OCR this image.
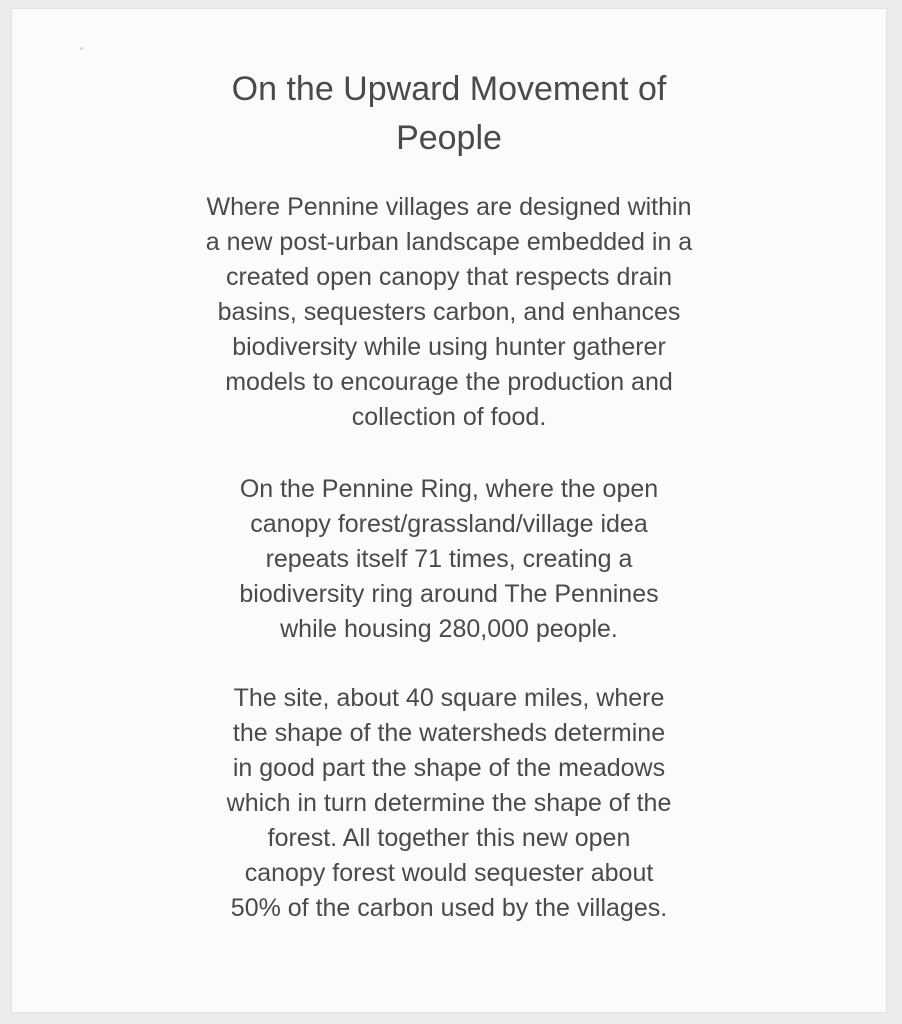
On the Upward Movement of
People

Where Pennine villages are designed within
a new post-urban landscape embedded in a
created open canopy that respects drain
basins, sequesters carbon, and enhances
biodiversity while using hunter gatherer
models to encourage the production and
collection of food.

On the Pennine Ring, where the open
canopy forest/grassland/village idea
repeats itself 71 times, creating a
biodiversity ring around The Pennines
while housing 280,000 people.

The site, about 40 square miles, where
the shape of the watersheds determine
in good part the shape of the meadows
which in turn determine the shape of the
forest. All together this new open
canopy forest would sequester about
50% of the carbon used by the villages.
